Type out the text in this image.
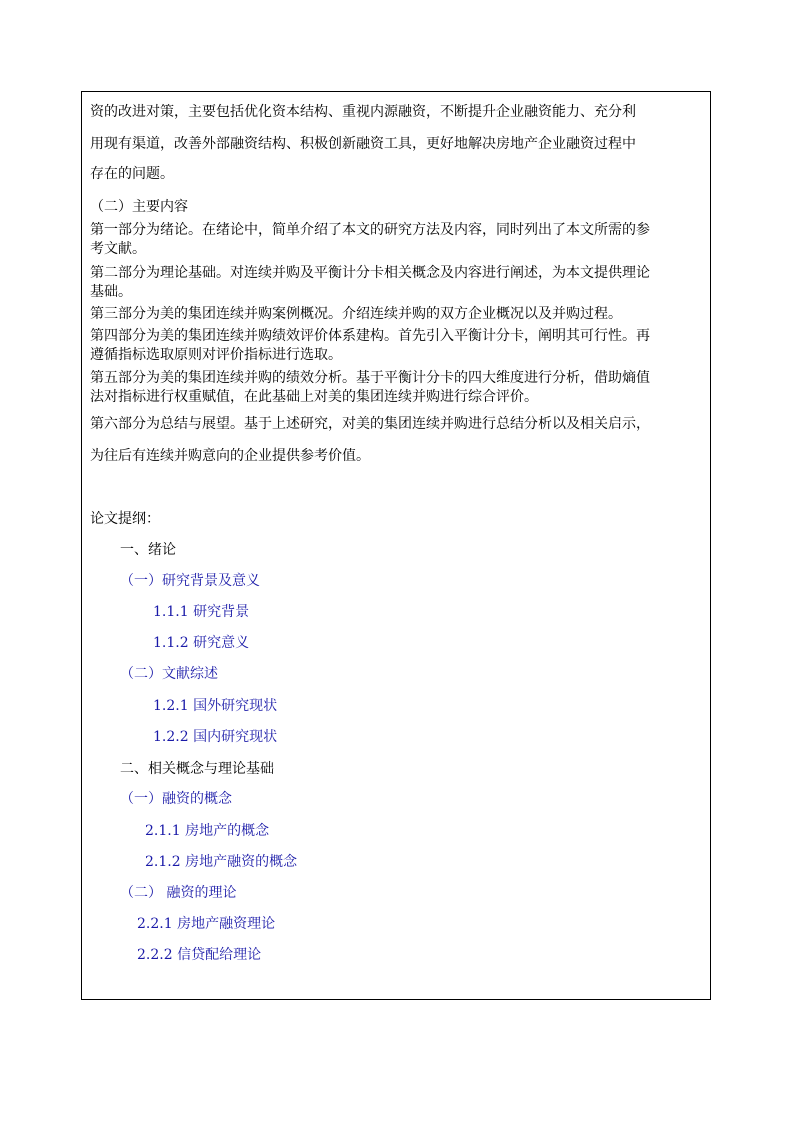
资的改进对策，主要包括优化资本结构、重视内源融资，不断提升企业融资能力、充分利
用现有渠道，改善外部融资结构、积极创新融资工具，更好地解决房地产企业融资过程中
存在的问题。
（二）主要内容
第一部分为绪论。在绪论中，简单介绍了本文的研究方法及内容，同时列出了本文所需的参
考文献。
第二部分为理论基础。对连续并购及平衡计分卡相关概念及内容进行阐述，为本文提供理论
基础。
第三部分为美的集团连续并购案例概况。介绍连续并购的双方企业概况以及并购过程。
第四部分为美的集团连续并购绩效评价体系建构。首先引入平衡计分卡，阐明其可行性。再
遵循指标选取原则对评价指标进行选取。
第五部分为美的集团连续并购的绩效分析。基于平衡计分卡的四大维度进行分析，借助熵值
法对指标进行权重赋值，在此基础上对美的集团连续并购进行综合评价。
第六部分为总结与展望。基于上述研究，对美的集团连续并购进行总结分析以及相关启示，
为往后有连续并购意向的企业提供参考价值。
论文提纲：
一、绪论
（一）研究背景及意义
1.1.1 研究背景
1.1.2 研究意义
（二）文献综述
1.2.1 国外研究现状
1.2.2 国内研究现状
二、相关概念与理论基础
（一）融资的概念
2.1.1 房地产的概念
2.1.2 房地产融资的概念
（二） 融资的理论
2.2.1 房地产融资理论
2.2.2 信贷配给理论
